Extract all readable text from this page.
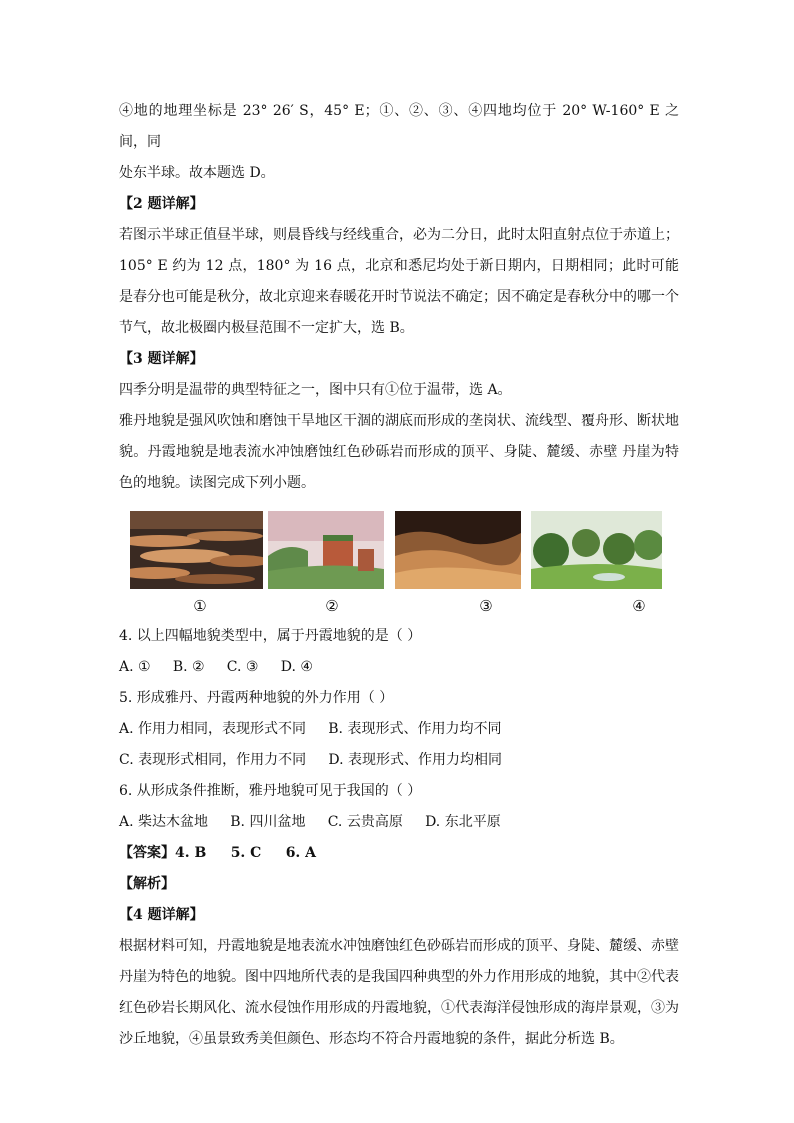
④地的地理坐标是 23° 26′ S，45° E；①、②、③、④四地均位于 20° W-160° E 之间，同

处东半球。故本题选 D。

【2 题详解】

若图示半球正值昼半球，则晨昏线与经线重合，必为二分日，此时太阳直射点位于赤道上；105° E 约为 12 点，180° 为 16 点，北京和悉尼均处于新日期内，日期相同；此时可能是春分也可能是秋分，故北京迎来春暖花开时节说法不确定；因不确定是春秋分中的哪一个节气，故北极圈内极昼范围不一定扩大，选 B。

【3 题详解】

四季分明是温带的典型特征之一，图中只有①位于温带，选 A。

雅丹地貌是强风吹蚀和磨蚀干旱地区干涸的湖底而形成的垄岗状、流线型、覆舟形、断状地貌。丹霞地貌是地表流水冲蚀磨蚀红色砂砾岩而形成的顶平、身陡、麓缓、赤壁 丹崖为特色的地貌。读图完成下列小题。

①	②	③	④

4. 以上四幅地貌类型中，属于丹霞地貌的是（ ）

A. ①     B. ②     C. ③     D. ④

5. 形成雅丹、丹霞两种地貌的外力作用（ ）

A. 作用力相同，表现形式不同     B. 表现形式、作用力均不同

C. 表现形式相同，作用力不同     D. 表现形式、作用力均相同

6. 从形成条件推断，雅丹地貌可见于我国的（ ）

A. 柴达木盆地     B. 四川盆地     C. 云贵高原     D. 东北平原

【答案】4. B     5. C     6. A

【解析】

【4 题详解】

根据材料可知，丹霞地貌是地表流水冲蚀磨蚀红色砂砾岩而形成的顶平、身陡、麓缓、赤壁丹崖为特色的地貌。图中四地所代表的是我国四种典型的外力作用形成的地貌，其中②代表红色砂岩长期风化、流水侵蚀作用形成的丹霞地貌，①代表海洋侵蚀形成的海岸景观，③为沙丘地貌，④虽景致秀美但颜色、形态均不符合丹霞地貌的条件，据此分析选 B。
